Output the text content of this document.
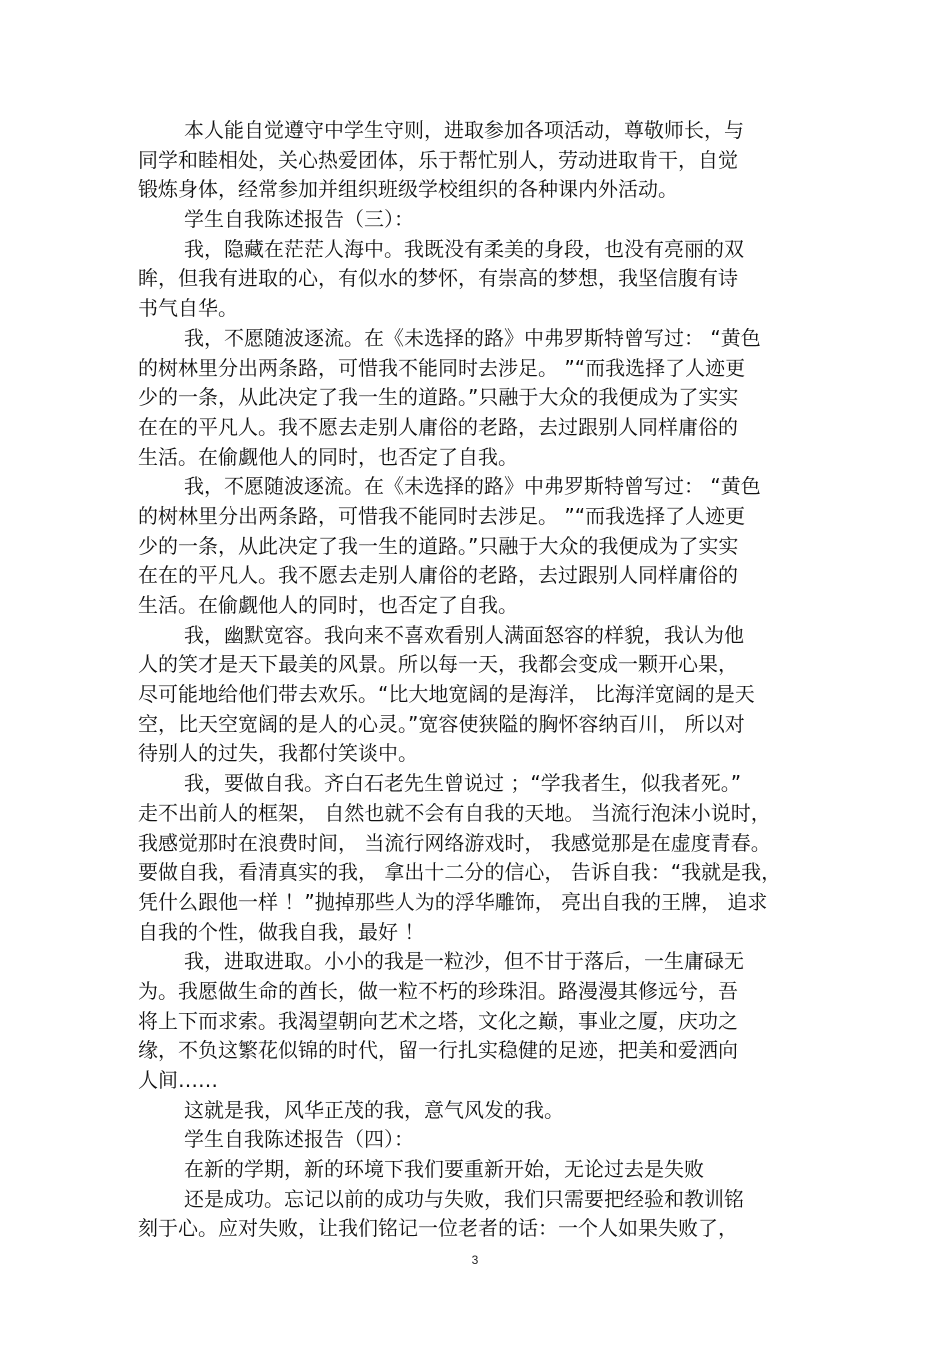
本人能自觉遵守中学生守则，进取参加各项活动，尊敬师长，与
同学和睦相处，关心热爱团体，乐于帮忙别人，劳动进取肯干，自觉
锻炼身体，经常参加并组织班级学校组织的各种课内外活动。
学生自我陈述报告（三）：
我，隐藏在茫茫人海中。我既没有柔美的身段，也没有亮丽的双
眸，但我有进取的心，有似水的梦怀，有崇高的梦想，我坚信腹有诗
书气自华。
我，不愿随波逐流。在《未选择的路》中弗罗斯特曾写过： “黄色
的树林里分出两条路，可惜我不能同时去涉足。 ”“而我选择了人迹更
少的一条，从此决定了我一生的道路。”只融于大众的我便成为了实实
在在的平凡人。我不愿去走别人庸俗的老路，去过跟别人同样庸俗的
生活。在偷觑他人的同时，也否定了自我。
我，不愿随波逐流。在《未选择的路》中弗罗斯特曾写过： “黄色
的树林里分出两条路，可惜我不能同时去涉足。 ”“而我选择了人迹更
少的一条，从此决定了我一生的道路。”只融于大众的我便成为了实实
在在的平凡人。我不愿去走别人庸俗的老路，去过跟别人同样庸俗的
生活。在偷觑他人的同时，也否定了自我。
我，幽默宽容。我向来不喜欢看别人满面怒容的样貌，我认为他
人的笑才是天下最美的风景。所以每一天，我都会变成一颗开心果，
尽可能地给他们带去欢乐。“比大地宽阔的是海洋， 比海洋宽阔的是天
空，比天空宽阔的是人的心灵。”宽容使狭隘的胸怀容纳百川， 所以对
待别人的过失，我都付笑谈中。
我，要做自我。齐白石老先生曾说过 ；“学我者生，似我者死。”
走不出前人的框架， 自然也就不会有自我的天地。 当流行泡沫小说时，
我感觉那时在浪费时间， 当流行网络游戏时， 我感觉那是在虚度青春。
要做自我，看清真实的我， 拿出十二分的信心， 告诉自我：“我就是我，
凭什么跟他一样 ！”抛掉那些人为的浮华雕饰， 亮出自我的王牌， 追求
自我的个性，做我自我，最好 ！
我，进取进取。小小的我是一粒沙，但不甘于落后，一生庸碌无
为。我愿做生命的酋长，做一粒不朽的珍珠泪。路漫漫其修远兮，吾
将上下而求索。我渴望朝向艺术之塔，文化之巅，事业之厦，庆功之
缘，不负这繁花似锦的时代，留一行扎实稳健的足迹，把美和爱洒向
人间……
这就是我，风华正茂的我，意气风发的我。
学生自我陈述报告（四）：
在新的学期，新的环境下我们要重新开始，无论过去是失败
还是成功。忘记以前的成功与失败，我们只需要把经验和教训铭
刻于心。应对失败，让我们铭记一位老者的话：一个人如果失败了，
3
